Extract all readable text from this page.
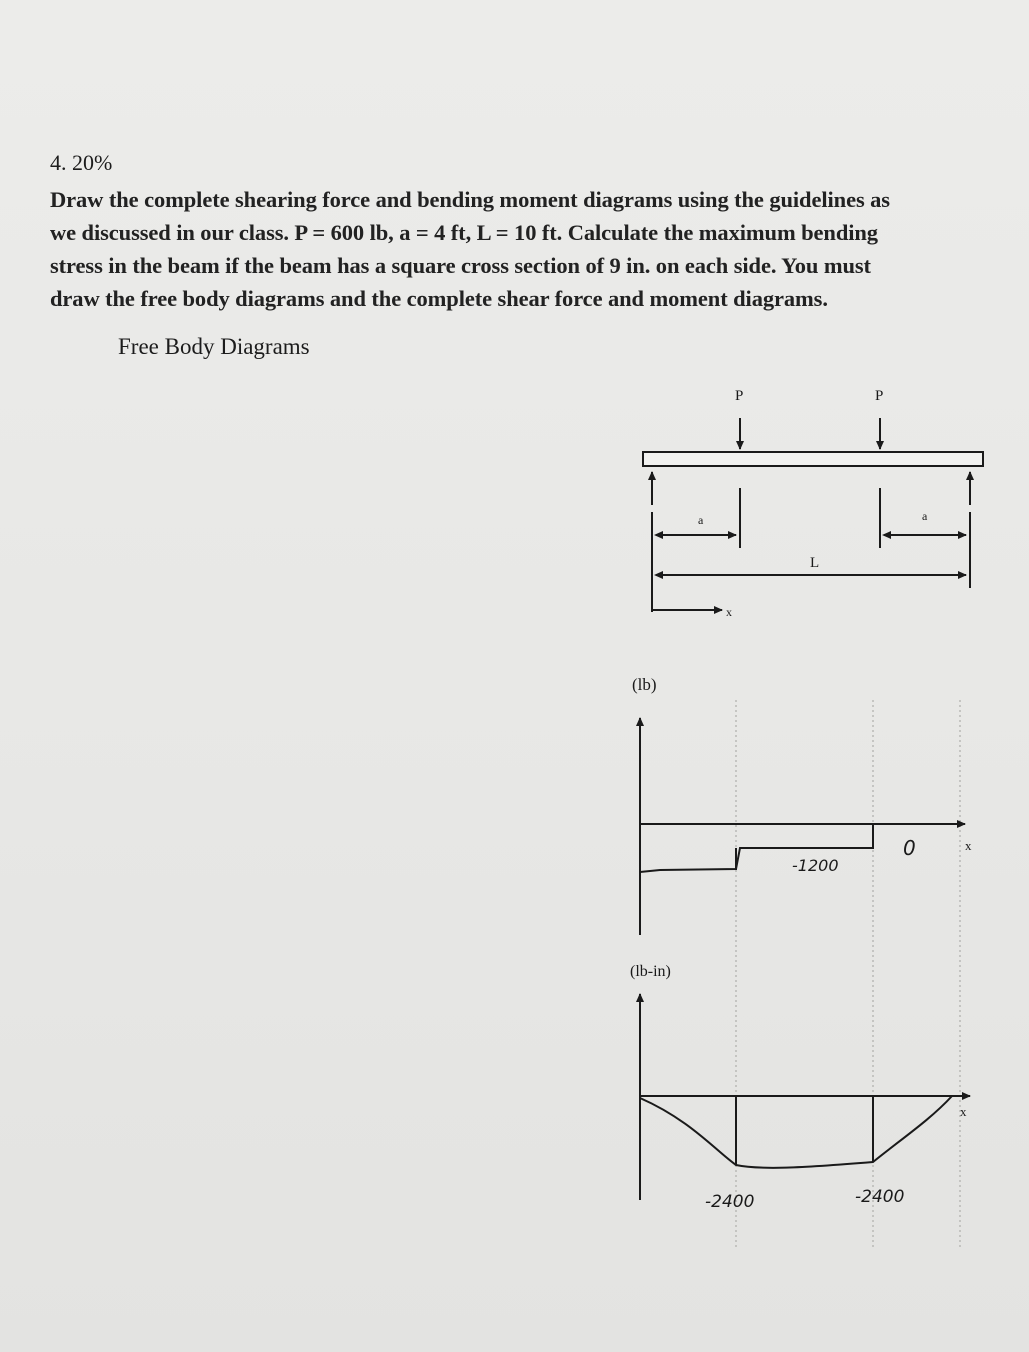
4. 20%
Draw the complete shearing force and bending moment diagrams using the guidelines as
we discussed in our class. P = 600 lb, a = 4 ft, L = 10 ft. Calculate the maximum bending
stress in the beam if the beam has a square cross section of 9 in. on each side. You must
draw the free body diagrams and the complete shear force and moment diagrams.
Free Body Diagrams
P	P
a	a
L
x
(lb)
x
-1200
0
(lb-in)
x
-2400	-2400
